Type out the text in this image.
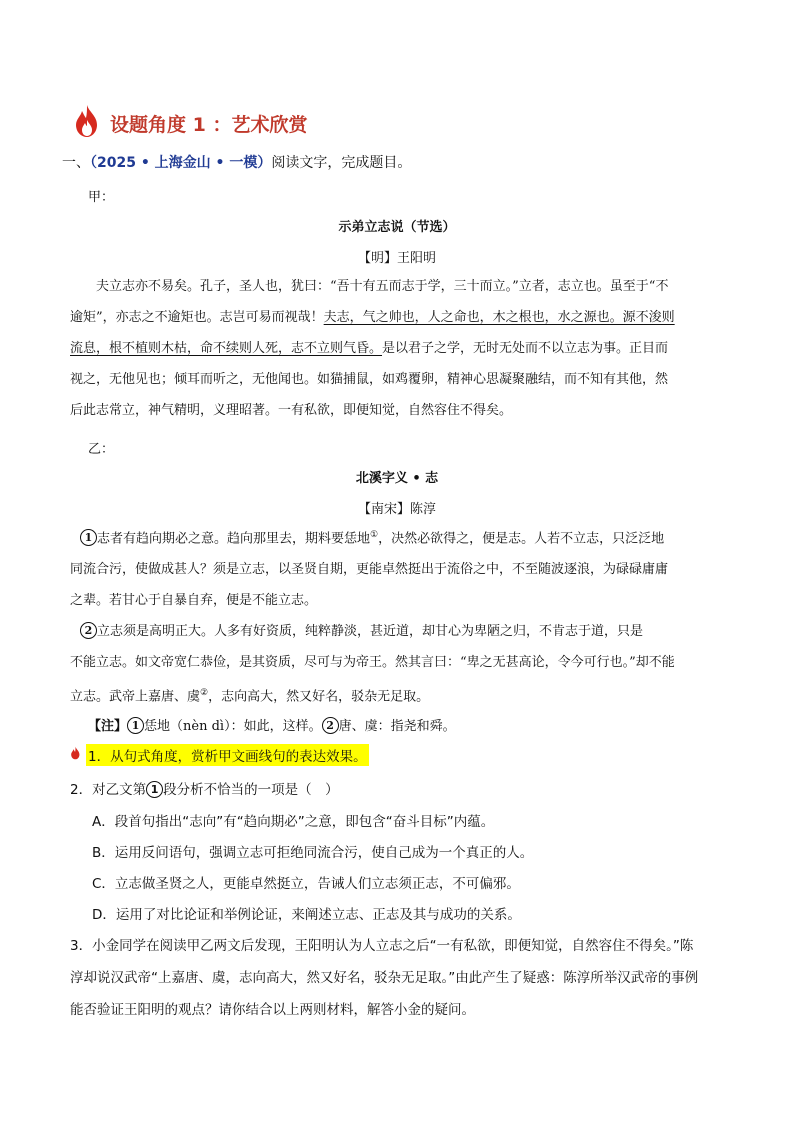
设题角度 1 ：艺术欣赏
一、（2025 • 上海金山 • 一模）阅读文字，完成题目。
甲：
示弟立志说（节选）
【明】王阳明
夫立志亦不易矣。孔子，圣人也，犹曰：“吾十有五而志于学，三十而立。”立者，志立也。虽至于“不
逾矩”，亦志之不逾矩也。志岂可易而视哉！夫志，气之帅也，人之命也，木之根也，水之源也。源不浚则
流息，根不植则木枯，命不续则人死，志不立则气昏。是以君子之学，无时无处而不以立志为事。正目而
视之，无他见也；倾耳而听之，无他闻也。如猫捕鼠，如鸡覆卵，精神心思凝聚融结，而不知有其他，然
后此志常立，神气精明，义理昭著。一有私欲，即便知觉，自然容住不得矣。
乙：
北溪字义 • 志
【南宋】陈淳
1 志者有趋向期必之意。趋向那里去，期料要恁地①，决然必欲得之，便是志。人若不立志，只泛泛地
同流合污，使做成甚人？须是立志，以圣贤自期，更能卓然挺出于流俗之中，不至随波逐浪，为碌碌庸庸
之辈。若甘心于自暴自弃，便是不能立志。
2 立志须是高明正大。人多有好资质，纯粹静淡，甚近道，却甘心为卑陋之归，不肯志于道，只是
不能立志。如文帝宽仁恭俭，是其资质，尽可与为帝王。然其言曰：“卑之无甚高论，令今可行也。”却不能
立志。武帝上嘉唐、虞②，志向高大，然又好名，驳杂无足取。
【注】 1 恁地（nèn dì）：如此，这样。 2 唐、虞：指尧和舜。
1．从句式角度，赏析甲文画线句的表达效果。
2．对乙文第 1 段分析不恰当的一项是（　）
A．段首句指出“志向”有“趋向期必”之意，即包含“奋斗目标”内蕴。
B．运用反问语句，强调立志可拒绝同流合污，使自己成为一个真正的人。
C．立志做圣贤之人，更能卓然挺立，告诫人们立志须正志，不可偏邪。
D．运用了对比论证和举例论证，来阐述立志、正志及其与成功的关系。
3．小金同学在阅读甲乙两文后发现，王阳明认为人立志之后“一有私欲，即便知觉，自然容住不得矣。”陈
淳却说汉武帝“上嘉唐、虞，志向高大，然又好名，驳杂无足取。”由此产生了疑惑：陈淳所举汉武帝的事例
能否验证王阳明的观点？请你结合以上两则材料，解答小金的疑问。
